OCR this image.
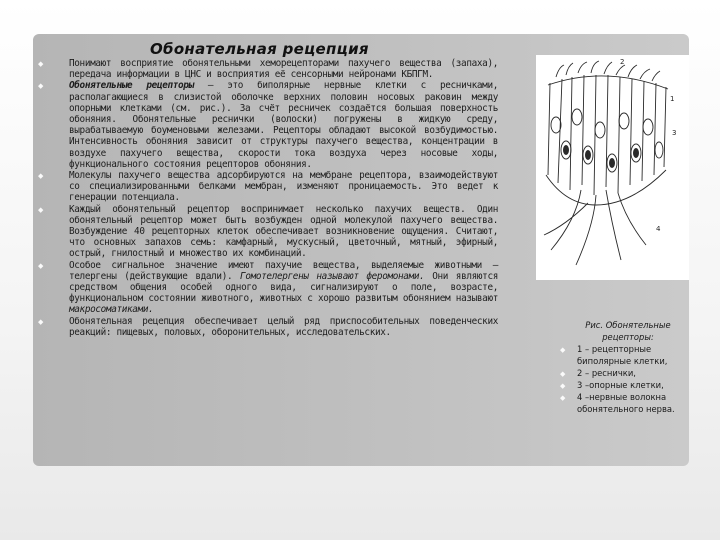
Обонательная рецепция
◆	Понимают восприятие обонятельными хеморецепторами пахучего вещества (запаха), передача информации в ЦНС и восприятия её сенсорными нейронами КБПГМ.
◆	Обонятельные рецепторы – это биполярные нервные клетки с ресничками, располагающиеся в слизистой оболочке верхних половин носовых раковин между опорными клетками (см. рис.). За счёт ресничек создаётся большая поверхность обоняния. Обонятельные реснички (волоски) погружены в жидкую среду, вырабатываемую боуменовыми железами. Рецепторы обладают высокой возбудимостью. Интенсивность обоняния зависит от структуры пахучего вещества, концентрации в воздухе пахучего вещества, скорости тока воздуха через носовые ходы, функционального состояния рецепторов обоняния.
◆	Молекулы пахучего вещества адсорбируются на мембране рецептора, взаимодействуют со специализированными белками мембран, изменяют проницаемость. Это ведет к генерации потенциала.
◆	Каждый обонятельный рецептор воспринимает несколько пахучих веществ. Один обонятельный рецептор может быть возбужден одной молекулой пахучего вещества. Возбуждение 40 рецепторных клеток обеспечивает возникновение ощущения. Считают, что основных запахов семь: камфарный, мускусный, цветочный, мятный, эфирный, острый, гнилостный и множество их комбинаций.
◆	Особое сигнальное значение имеют пахучие вещества, выделяемые животными – телергены (действующие вдали). Гомотелергены называют феромонами. Они являются средством общения особей одного вида, сигнализируют о поле, возрасте, функциональном состоянии животного, животных с хорошо развитым обонянием называют макросоматиками.
◆	Обонятельная рецепция обеспечивает целый ряд приспособительных поведенческих реакций: пищевых, половых, оборонительных, исследовательских.
2
1
3
4
Рис. Обонятельные рецепторы:
◆	1 – рецепторные биполярные клетки,
◆	2 – реснички,
◆	3 –опорные клетки,
◆	4 –нервные волокна обонятельного нерва.
